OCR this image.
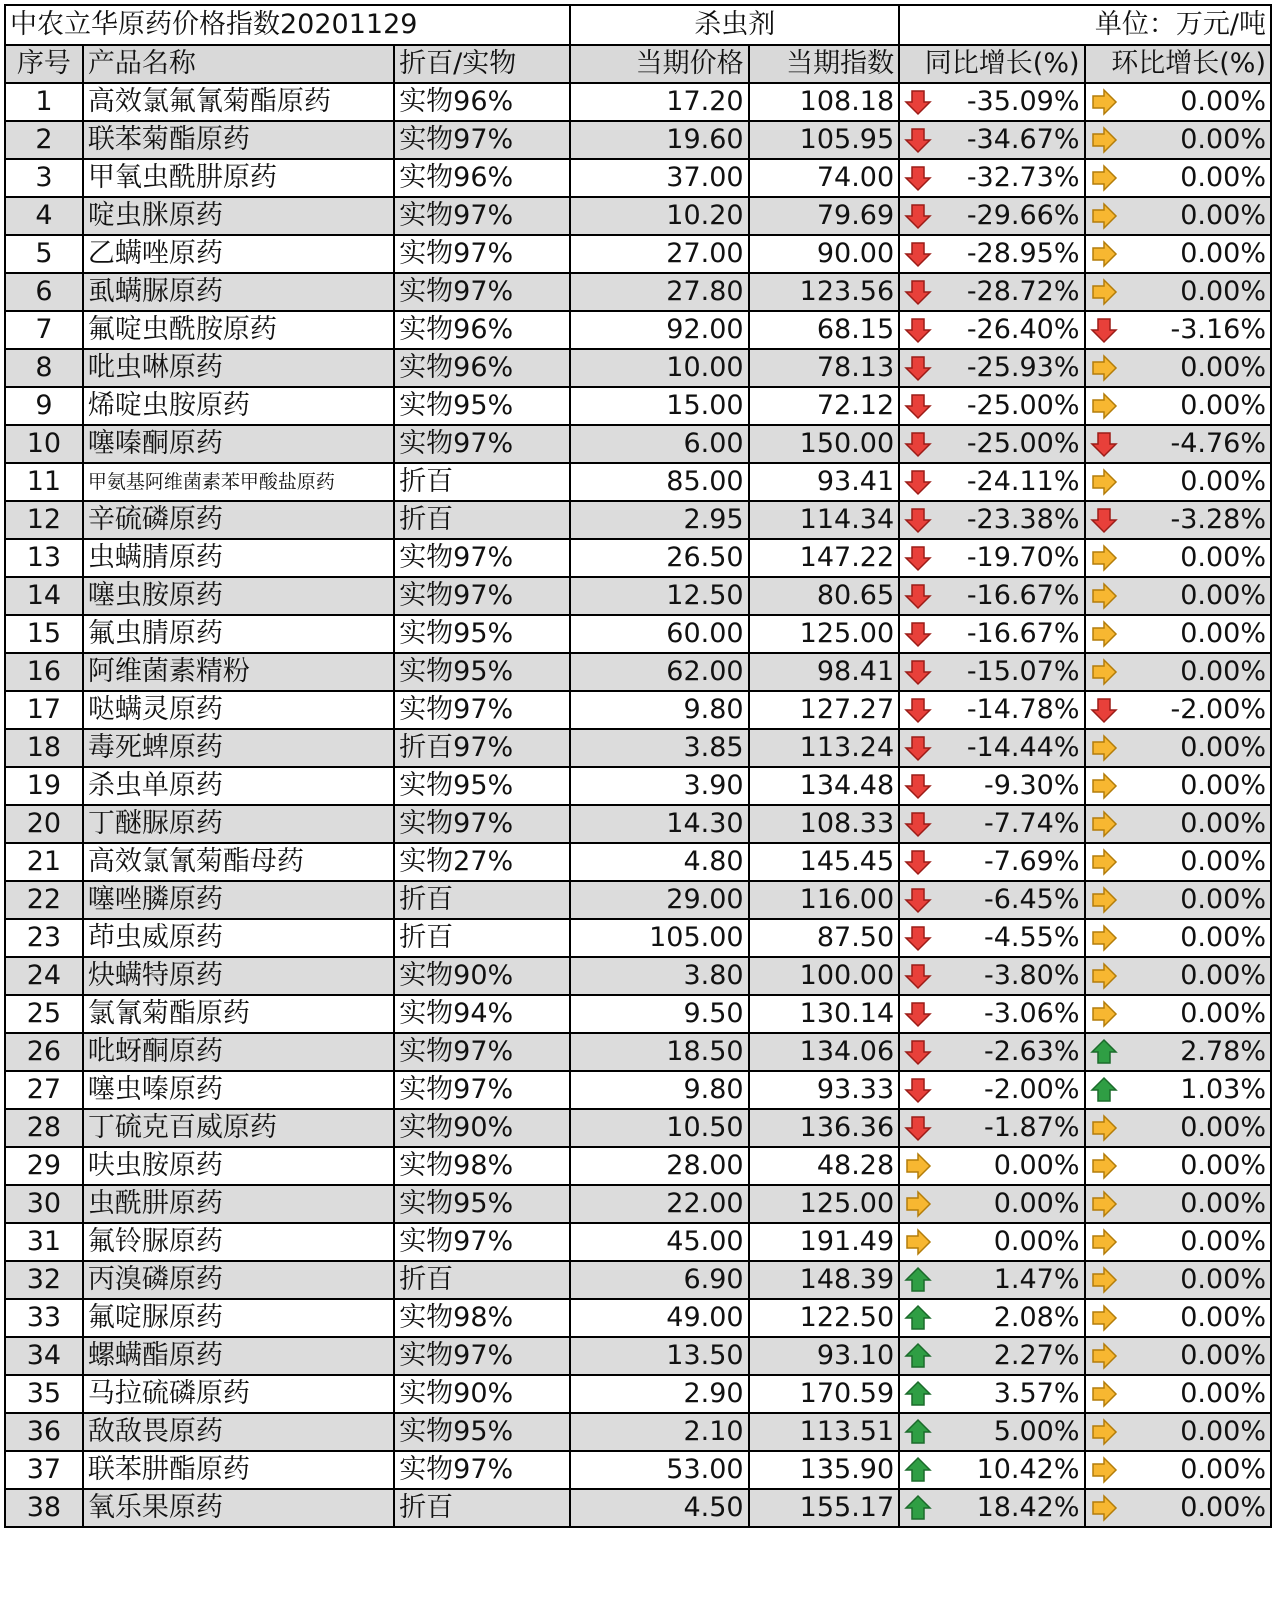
中农立华原药价格指数20201129			杀虫剂		单位：万元/吨	
序号	产品名称	折百/实物	当期价格	当期指数	同比增长(%)	环比增长(%)
1	高效氯氟氰菊酯原药	实物96%	17.20	108.18	-35.09%	0.00%
2	联苯菊酯原药	实物97%	19.60	105.95	-34.67%	0.00%
3	甲氧虫酰肼原药	实物96%	37.00	74.00	-32.73%	0.00%
4	啶虫脒原药	实物97%	10.20	79.69	-29.66%	0.00%
5	乙螨唑原药	实物97%	27.00	90.00	-28.95%	0.00%
6	虱螨脲原药	实物97%	27.80	123.56	-28.72%	0.00%
7	氟啶虫酰胺原药	实物96%	92.00	68.15	-26.40%	-3.16%
8	吡虫啉原药	实物96%	10.00	78.13	-25.93%	0.00%
9	烯啶虫胺原药	实物95%	15.00	72.12	-25.00%	0.00%
10	噻嗪酮原药	实物97%	6.00	150.00	-25.00%	-4.76%
11	甲氨基阿维菌素苯甲酸盐原药	折百	85.00	93.41	-24.11%	0.00%
12	辛硫磷原药	折百	2.95	114.34	-23.38%	-3.28%
13	虫螨腈原药	实物97%	26.50	147.22	-19.70%	0.00%
14	噻虫胺原药	实物97%	12.50	80.65	-16.67%	0.00%
15	氟虫腈原药	实物95%	60.00	125.00	-16.67%	0.00%
16	阿维菌素精粉	实物95%	62.00	98.41	-15.07%	0.00%
17	哒螨灵原药	实物97%	9.80	127.27	-14.78%	-2.00%
18	毒死蜱原药	折百97%	3.85	113.24	-14.44%	0.00%
19	杀虫单原药	实物95%	3.90	134.48	-9.30%	0.00%
20	丁醚脲原药	实物97%	14.30	108.33	-7.74%	0.00%
21	高效氯氰菊酯母药	实物27%	4.80	145.45	-7.69%	0.00%
22	噻唑膦原药	折百	29.00	116.00	-6.45%	0.00%
23	茚虫威原药	折百	105.00	87.50	-4.55%	0.00%
24	炔螨特原药	实物90%	3.80	100.00	-3.80%	0.00%
25	氯氰菊酯原药	实物94%	9.50	130.14	-3.06%	0.00%
26	吡蚜酮原药	实物97%	18.50	134.06	-2.63%	2.78%
27	噻虫嗪原药	实物97%	9.80	93.33	-2.00%	1.03%
28	丁硫克百威原药	实物90%	10.50	136.36	-1.87%	0.00%
29	呋虫胺原药	实物98%	28.00	48.28	0.00%	0.00%
30	虫酰肼原药	实物95%	22.00	125.00	0.00%	0.00%
31	氟铃脲原药	实物97%	45.00	191.49	0.00%	0.00%
32	丙溴磷原药	折百	6.90	148.39	1.47%	0.00%
33	氟啶脲原药	实物98%	49.00	122.50	2.08%	0.00%
34	螺螨酯原药	实物97%	13.50	93.10	2.27%	0.00%
35	马拉硫磷原药	实物90%	2.90	170.59	3.57%	0.00%
36	敌敌畏原药	实物95%	2.10	113.51	5.00%	0.00%
37	联苯肼酯原药	实物97%	53.00	135.90	10.42%	0.00%
38	氧乐果原药	折百	4.50	155.17	18.42%	0.00%
